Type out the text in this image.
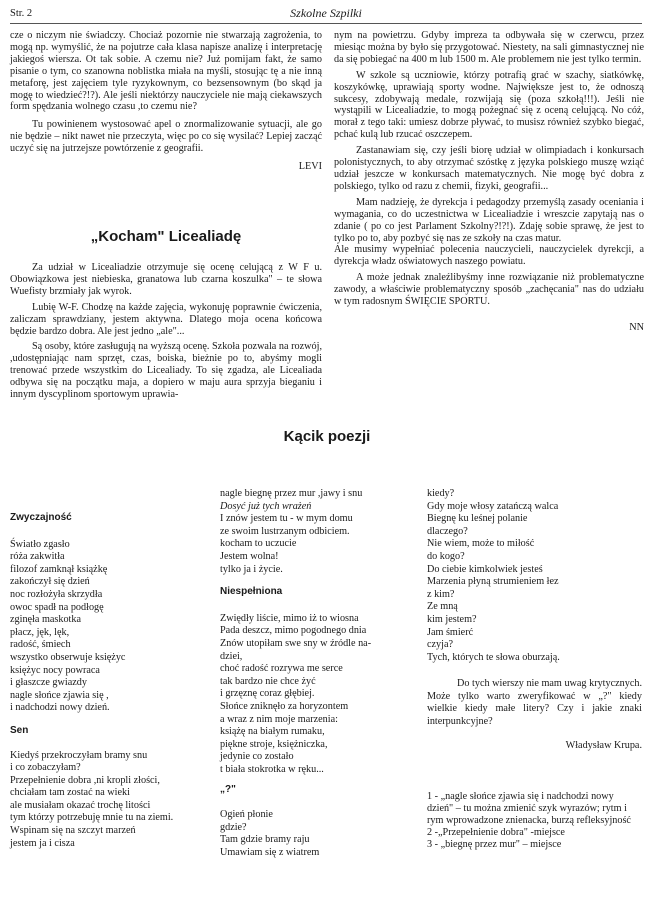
Str. 2	Szkolne Szpilki

cze o niczym nie świadczy. Chociaż pozornie nie stwarzają zagrożenia, to mogą np. wymyślić, że na pojutrze cała klasa napisze analizę i interpretację jakiegoś wiersza. Ot tak sobie. A czemu nie? Już pomijam fakt, że samo pisanie o tym, co szanowna noblistka miała na myśli, stosując tę a nie inną metaforę, jest zajęciem tyle ryzykownym, co bezsensownym (bo skąd ja mogę to wiedzieć?!?). Ale jeśli niektórzy nauczyciele nie mają ciekawszych form spędzania wolnego czasu ,to czemu nie?

Tu powinienem wystosować apel o znormalizowanie sytuacji, ale go nie będzie – nikt nawet nie przeczyta, więc po co się wysilać? Lepiej zacząć uczyć się na jutrzejsze powtórzenie z geografii.

LEVI

„Kocham" Licealiadę

Za udział w Licealiadzie otrzymuje się ocenę celującą z W F u. Obowiązkowa jest niebieska, granatowa lub czarna koszulka" – te słowa Wuefisty brzmiały jak wyrok.

Lubię W-F. Chodzę na każde zajęcia, wykonuję poprawnie ćwiczenia, zaliczam sprawdziany, jestem aktywna. Dlatego moja ocena końcowa będzie bardzo dobra. Ale jest jedno „ale"...

Są osoby, które zasługują na wyższą ocenę. Szkoła pozwala na rozwój, ,udostępniając nam sprzęt, czas, boiska, bieżnie po to, abyśmy mogli trenować przede wszystkim do Licealiady. To się zgadza, ale Licealiada odbywa się na początku maja, a dopiero w maju aura sprzyja bieganiu i innym dyscyplinom sportowym uprawia-

nym na powietrzu. Gdyby impreza ta odbywała się w czerwcu, przez miesiąc można by było się przygotować. Niestety, na sali gimnastycznej nie da się pobiegać na 400 m lub 1500 m. Ale problemem nie jest tylko termin.

W szkole są uczniowie, którzy potrafią grać w szachy, siatkówkę, koszykówkę, uprawiają sporty wodne. Największe jest to, że odnoszą sukcesy, zdobywają medale, rozwijają się (poza szkołą!!!). Jeśli nie wystąpili w Licealiadzie, to mogą pożegnać się z oceną celującą. No cóż, morał z tego taki: umiesz dobrze pływać, to musisz również szybko biegać, pchać kulą lub rzucać oszczepem.

Zastanawiam się, czy jeśli biorę udział w olimpiadach i konkursach polonistycznych, to aby otrzymać szóstkę z języka polskiego muszę wziąć udział jeszcze w konkursach matematycznych. Nie mogę być dobra z polskiego, tylko od razu z chemii, fizyki, geografii...

Mam nadzieję, że dyrekcja i pedagodzy przemyślą zasady oceniania i wymagania, co do uczestnictwa w Licealiadzie i wreszcie zapytają nas o zdanie ( po co jest Parlament Szkolny?!?!). Zdaję sobie sprawę, że jest to tylko po to, aby pozbyć się nas ze szkoły na czas matur.

Ale musimy wypełniać polecenia nauczycieli, nauczycielek dyrekcji, a dyrekcja władz oświatowych naszego powiatu.

A może jednak znaleźlibyśmy inne rozwiązanie niż problematyczne zawody, a właściwie problematyczny sposób „zachęcania" nas do udziału w tym radosnym ŚWIĘCIE SPORTU.

NN

Kącik poezji
Zwyczajność
Światło zgasło
róża zakwitła
filozof zamknął książkę
zakończył się dzień
noc rozłożyła skrzydła
owoc spadł na podłogę
zginęła maskotka
płacz, jęk, lęk,
radość, śmiech
wszystko obserwuje księżyc
księżyc nocy powraca
i głaszcze gwiazdy
nagle słońce zjawia się ,
i nadchodzi nowy dzień.
Sen
Kiedyś przekroczyłam bramy snu
i co zobaczyłam?
Przepełnienie dobra ,ni kropli złości,
chciałam tam zostać na wieki
ale musiałam okazać trochę litości
tym którzy potrzebuję mnie tu na ziemi.
Wspinam się na szczyt marzeń
jestem ja i cisza
nagle biegnę przez mur ,jawy i snu
Dosyć już tych wrażeń
I znów jestem tu - w mym domu
ze swoim lustrzanym odbiciem.
kocham to uczucie
Jestem wolna!
tylko ja i życie.
Niespełniona
Zwiędły liście, mimo iż to wiosna
Pada deszcz, mimo pogodnego dnia
Znów utopiłam swe sny w źródle na-
dziei,
choć radość rozrywa me serce
tak bardzo nie chce żyć
i grzęznę coraz głębiej.
Słońce zniknęło za horyzontem
a wraz z nim moje marzenia:
książę na białym rumaku,
piękne stroje, księżniczka,
jedynie co zostało
t biała stokrotka w ręku...
„?"
Ogień płonie
gdzie?
Tam gdzie bramy raju
Umawiam się z wiatrem
kiedy?
Gdy moje włosy zatańczą walca
Biegnę ku leśnej polanie
dlaczego?
Nie wiem, może to miłość
do kogo?
Do ciebie kimkolwiek jesteś
Marzenia płyną strumieniem łez
z kim?
Ze mną
kim jestem?
Jam śmierć
czyja?
Tych, których te słowa oburzają.

Do tych wierszy nie mam uwag krytycznych. Może tylko warto zweryfikować w „?" kiedy wielkie kiedy małe litery? Czy i jakie znaki interpunkcyjne?

Władysław Krupa.

1 - „nagle słońce zjawia się i nadchodzi nowy dzień" – tu można zmienić szyk wyrazów; rytm i rym wprowadzone znienacka, burzą refleksyjność

2 -„Przepełnienie dobra" -miejsce

3 - „biegnę przez mur" – miejsce
